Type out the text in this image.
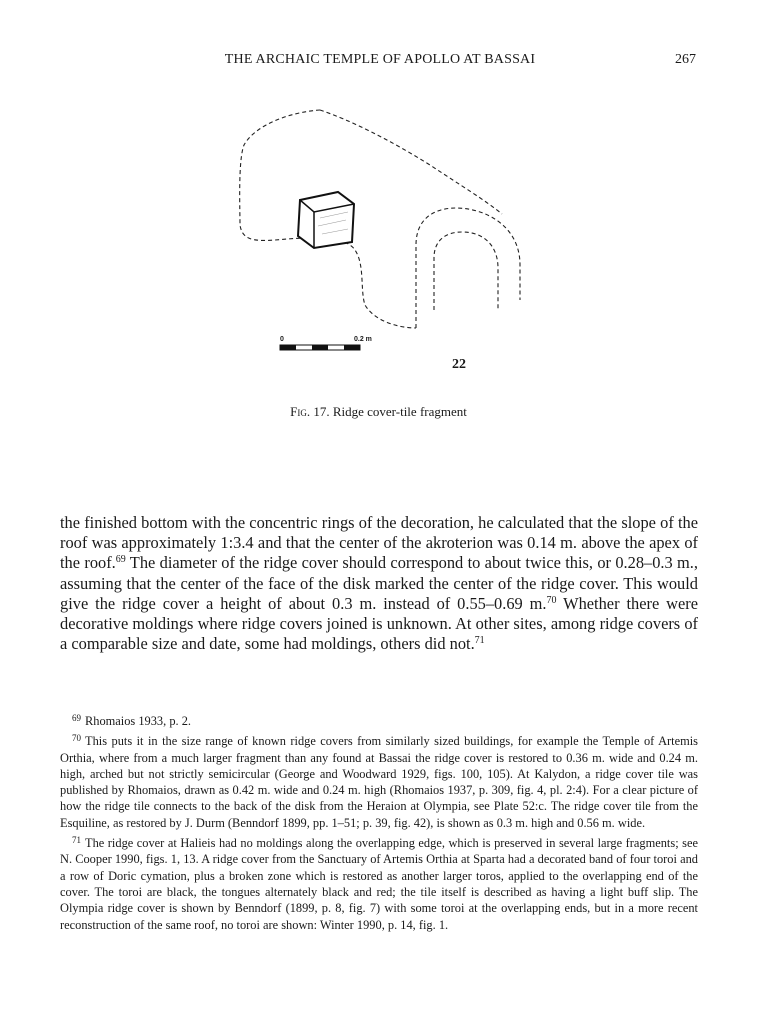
THE ARCHAIC TEMPLE OF APOLLO AT BASSAI	267
0	0.2 m
22
Fig. 17. Ridge cover-tile fragment

the finished bottom with the concentric rings of the decoration, he calculated that the slope of the roof was approximately 1:3.4 and that the center of the akroterion was 0.14 m. above the apex of the roof.$^{69}$ The diameter of the ridge cover should correspond to about twice this, or 0.28–0.3 m., assuming that the center of the face of the disk marked the center of the ridge cover. This would give the ridge cover a height of about 0.3 m. instead of 0.55–0.69 m.$^{70}$ Whether there were decorative moldings where ridge covers joined is unknown. At other sites, among ridge covers of a comparable size and date, some had moldings, others did not.$^{71}$

$^{69}$ Rhomaios 1933, p. 2.

$^{70}$ This puts it in the size range of known ridge covers from similarly sized buildings, for example the Temple of Artemis Orthia, where from a much larger fragment than any found at Bassai the ridge cover is restored to 0.36 m. wide and 0.24 m. high, arched but not strictly semicircular (George and Woodward 1929, figs. 100, 105). At Kalydon, a ridge cover tile was published by Rhomaios, drawn as 0.42 m. wide and 0.24 m. high (Rhomaios 1937, p. 309, fig. 4, pl. 2:4). For a clear picture of how the ridge tile connects to the back of the disk from the Heraion at Olympia, see Plate 52:c. The ridge cover tile from the Esquiline, as restored by J. Durm (Benndorf 1899, pp. 1–51; p. 39, fig. 42), is shown as 0.3 m. high and 0.56 m. wide.

$^{71}$ The ridge cover at Halieis had no moldings along the overlapping edge, which is preserved in several large fragments; see N. Cooper 1990, figs. 1, 13. A ridge cover from the Sanctuary of Artemis Orthia at Sparta had a decorated band of four toroi and a row of Doric cymation, plus a broken zone which is restored as another larger toros, applied to the overlapping end of the cover. The toroi are black, the tongues alternately black and red; the tile itself is described as having a light buff slip. The Olympia ridge cover is shown by Benndorf (1899, p. 8, fig. 7) with some toroi at the overlapping ends, but in a more recent reconstruction of the same roof, no toroi are shown: Winter 1990, p. 14, fig. 1.
